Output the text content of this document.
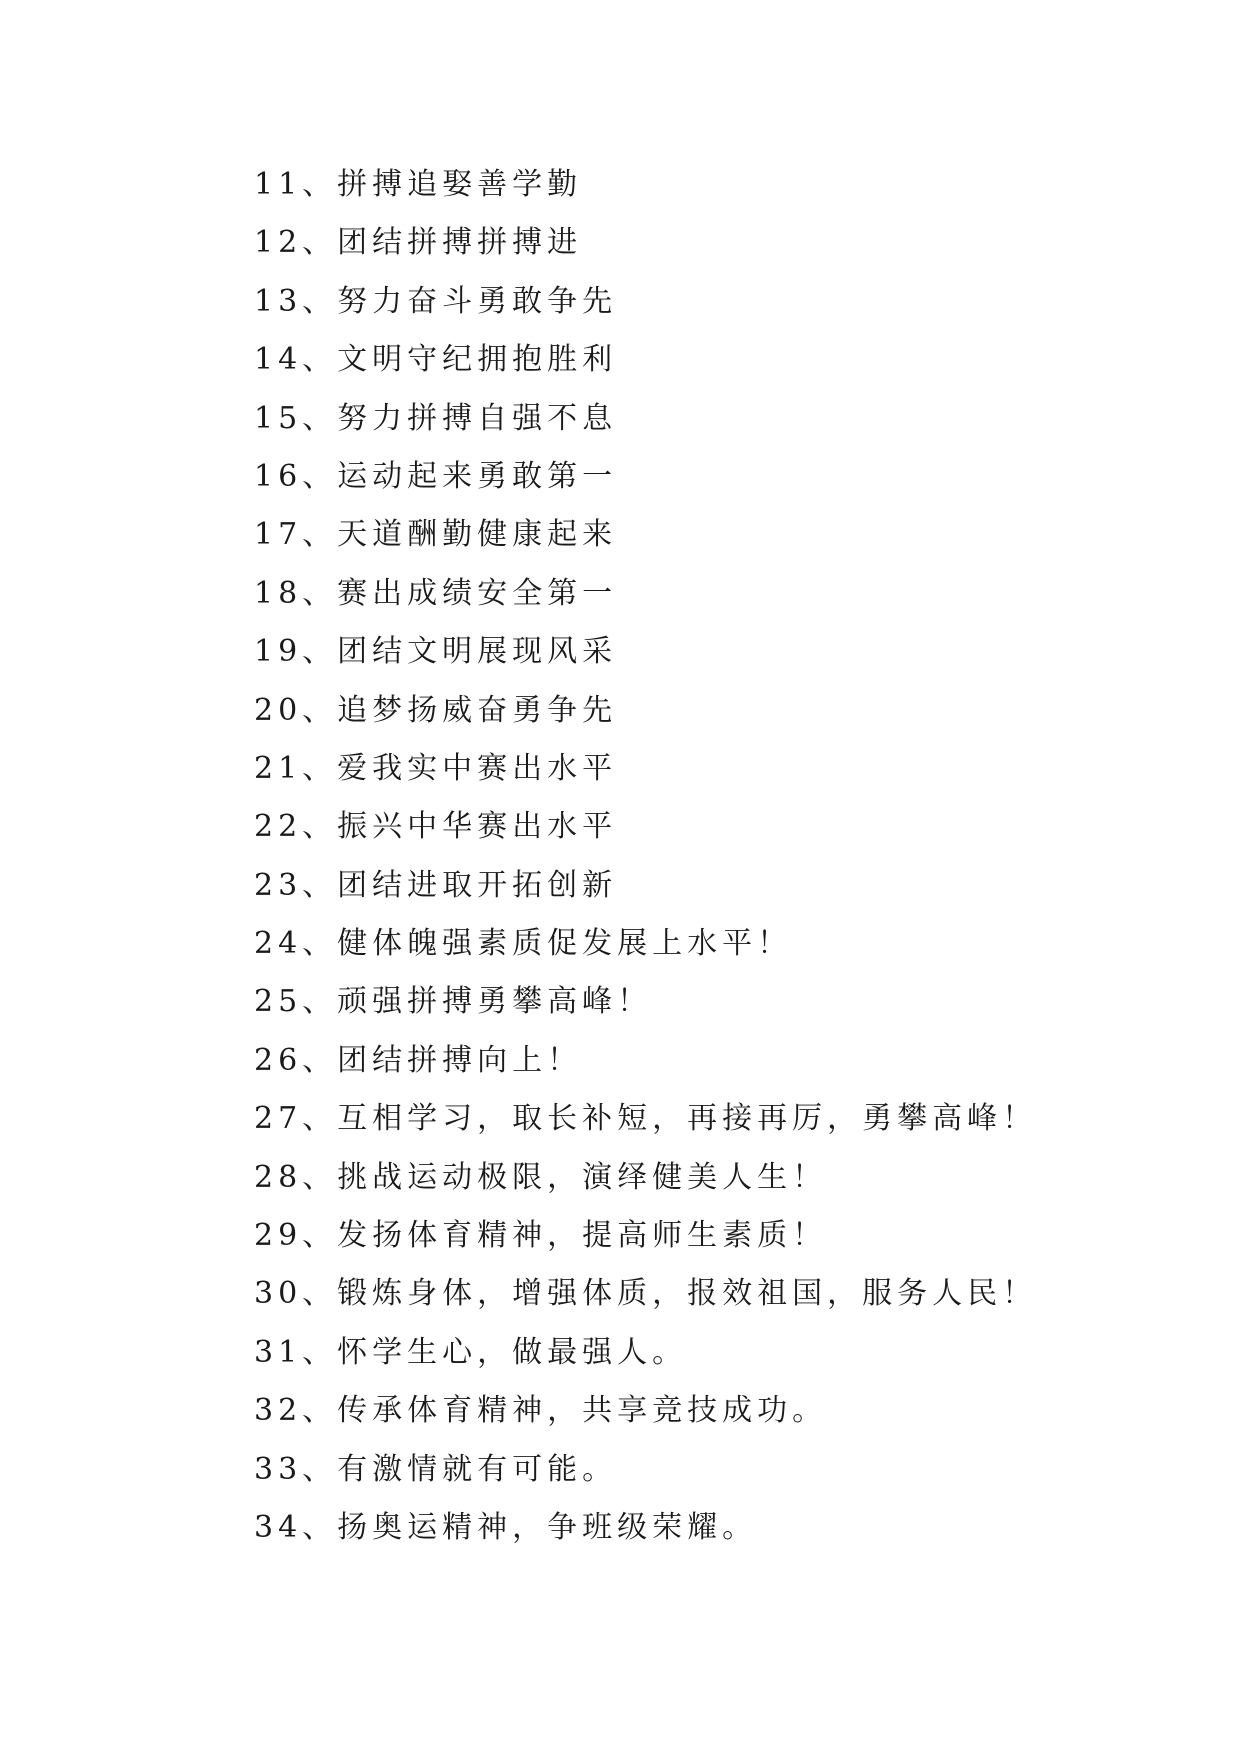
11、拼搏追娶善学勤
12、团结拼搏拼搏进
13、努力奋斗勇敢争先
14、文明守纪拥抱胜利
15、努力拼搏自强不息
16、运动起来勇敢第一
17、天道酬勤健康起来
18、赛出成绩安全第一
19、团结文明展现风采
20、追梦扬威奋勇争先
21、爱我实中赛出水平
22、振兴中华赛出水平
23、团结进取开拓创新
24、健体魄强素质促发展上水平！
25、顽强拼搏勇攀高峰！
26、团结拼搏向上！
27、互相学习，取长补短，再接再厉，勇攀高峰！
28、挑战运动极限，演绎健美人生！
29、发扬体育精神，提高师生素质！
30、锻炼身体，增强体质，报效祖国，服务人民！
31、怀学生心，做最强人。
32、传承体育精神，共享竞技成功。
33、有激情就有可能。
34、扬奥运精神，争班级荣耀。
